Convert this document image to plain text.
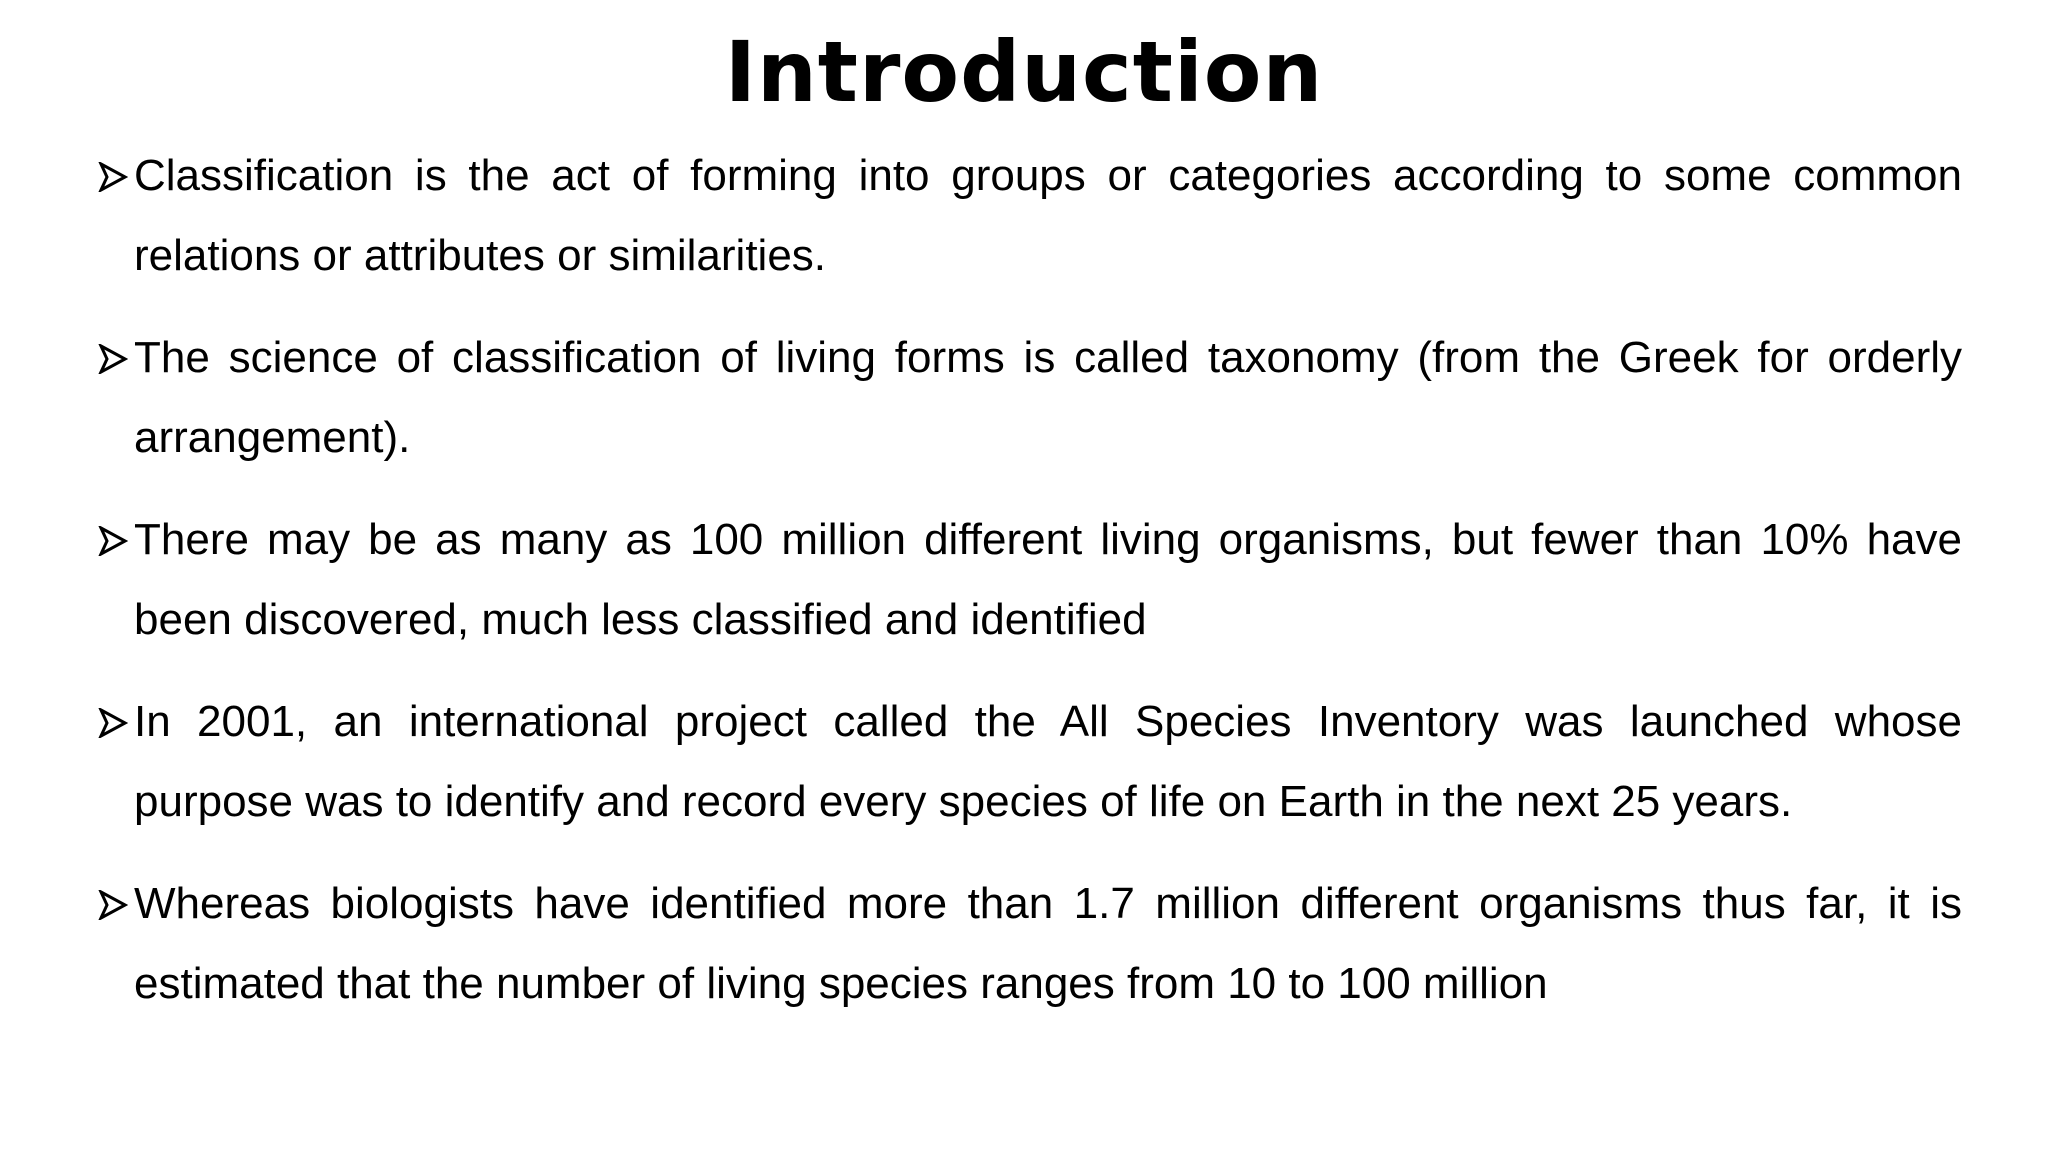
Introduction
Classification is the act of forming into groups or categories according to some common relations or attributes or similarities.
The science of classification of living forms is called taxonomy (from the Greek for orderly arrangement).
There may be as many as 100 million different living organisms, but fewer than 10% have been discovered, much less classified and identified
In 2001, an international project called the All Species Inventory was launched whose purpose was to identify and record every species of life on Earth in the next 25 years.
Whereas biologists have identified more than 1.7 million different organisms thus far, it is estimated that the number of living species ranges from 10 to 100 million
